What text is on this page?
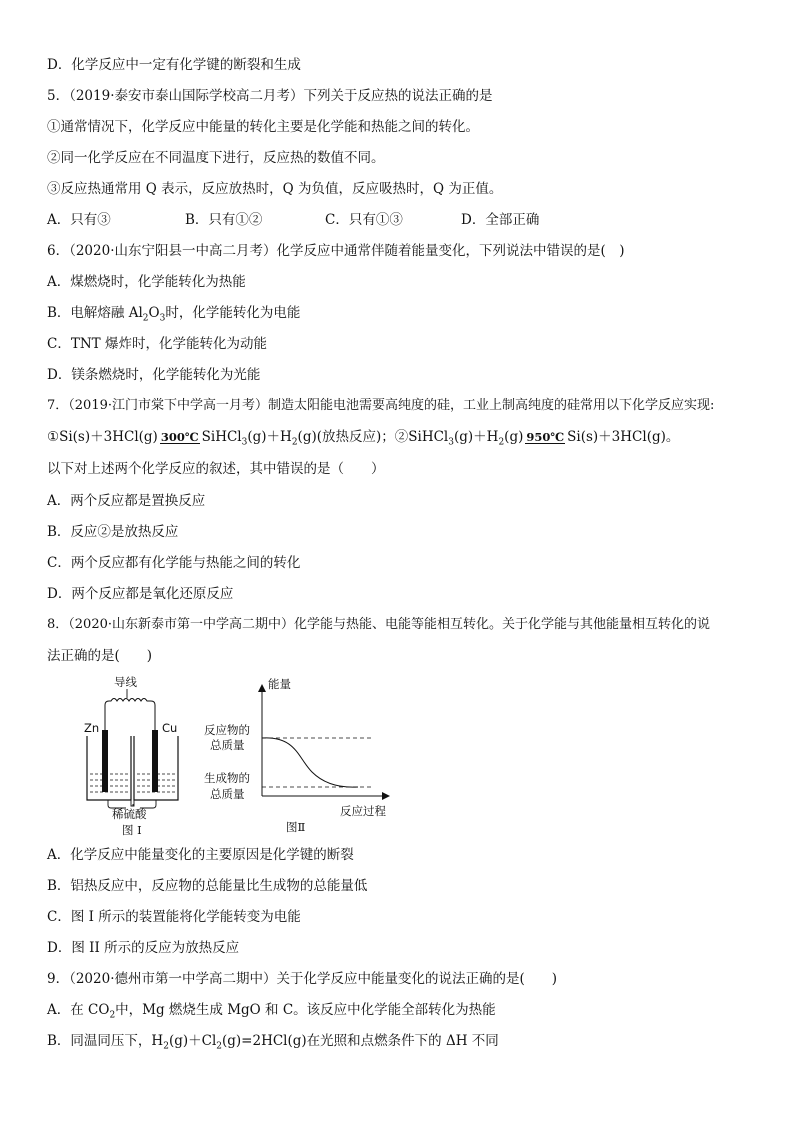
D．化学反应中一定有化学键的断裂和生成
5．（2019·泰安市泰山国际学校高二月考）下列关于反应热的说法正确的是
①通常情况下，化学反应中能量的转化主要是化学能和热能之间的转化。
②同一化学反应在不同温度下进行，反应热的数值不同。
③反应热通常用 Q 表示，反应放热时，Q 为负值，反应吸热时，Q 为正值。
A．只有③	B．只有①②	C．只有①③	D．全部正确
6．（2020·山东宁阳县一中高二月考）化学反应中通常伴随着能量变化，下列说法中错误的是(　)
A．煤燃烧时，化学能转化为热能
B．电解熔融 $Al_2O_3$时，化学能转化为电能
C．TNT 爆炸时，化学能转化为动能
D．镁条燃烧时，化学能转化为光能
7．（2019·江门市棠下中学高一月考）制造太阳能电池需要高纯度的硅，工业上制高纯度的硅常用以下化学反应实现:
①Si(s)＋3HCl(g) 300℃ $SiHCl_3(g)+H_2(g)$(放热反应)；$②SiHCl_3(g)+H_2(g)$ 950℃ Si(s)＋3HCl(g)。
以下对上述两个化学反应的叙述，其中错误的是（　　）
A．两个反应都是置换反应
B．反应②是放热反应
C．两个反应都有化学能与热能之间的转化
D．两个反应都是氧化还原反应
8．（2020·山东新泰市第一中学高二期中）化学能与热能、电能等能相互转化。关于化学能与其他能量相互转化的说
法正确的是(　　)
导线
Zn	Cu
稀硫酸
图 I
能量
反应物的
总质量
生成物的
总质量
反应过程
图Ⅱ
A．化学反应中能量变化的主要原因是化学键的断裂
B．铝热反应中，反应物的总能量比生成物的总能量低
C．图 I 所示的装置能将化学能转变为电能
D．图 II 所示的反应为放热反应
9．（2020·德州市第一中学高二期中）关于化学反应中能量变化的说法正确的是(　　)
A．在 $CO_2$中，Mg 燃烧生成 MgO 和 C。该反应中化学能全部转化为热能
B．同温同压下，$H_2(g)+Cl_2(g)=2HCl(g)$在光照和点燃条件下的 ΔH 不同
